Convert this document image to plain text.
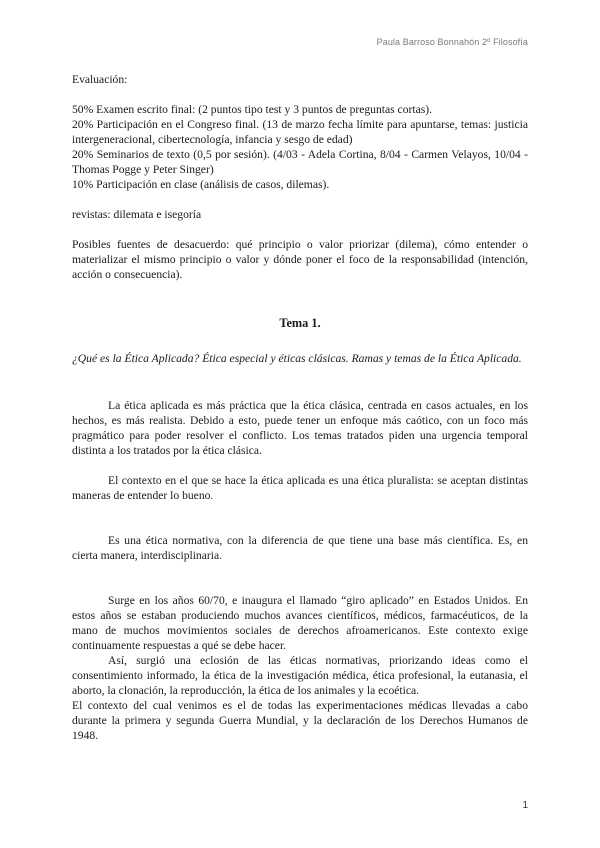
Paula Barroso Bonnahón 2º Filosofía

Evaluación:

50% Examen escrito final: (2 puntos tipo test y 3 puntos de preguntas cortas).

20% Participación en el Congreso final. (13 de marzo fecha límite para apuntarse, temas: justicia intergeneracional, cibertecnología, infancia y sesgo de edad)

20% Seminarios de texto (0,5 por sesión). (4/03 - Adela Cortina, 8/04 - Carmen Velayos, 10/04 - Thomas Pogge y Peter Singer)

10% Participación en clase (análisis de casos, dilemas).

revistas: dilemata e isegoría

Posibles fuentes de desacuerdo: qué principio o valor priorizar (dilema), cómo entender o materializar el mismo principio o valor y dónde poner el foco de la responsabilidad (intención, acción o consecuencia).

Tema 1.

¿Qué es la Ética Aplicada? Ética especial y éticas clásicas. Ramas y temas de la Ética Aplicada.

La ética aplicada es más práctica que la ética clásica, centrada en casos actuales, en los hechos, es más realista. Debido a esto, puede tener un enfoque más caótico, con un foco más pragmático para poder resolver el conflicto. Los temas tratados piden una urgencia temporal distinta a los tratados por la ética clásica.

El contexto en el que se hace la ética aplicada es una ética pluralista: se aceptan distintas maneras de entender lo bueno.

Es una ética normativa, con la diferencia de que tiene una base más científica. Es, en cierta manera, interdisciplinaria.

Surge en los años 60/70, e inaugura el llamado “giro aplicado” en Estados Unidos. En estos años se estaban produciendo muchos avances científicos, médicos, farmacéuticos, de la mano de muchos movimientos sociales de derechos afroamericanos. Este contexto exige continuamente respuestas a qué se debe hacer.

Así, surgió una eclosión de las éticas normativas, priorizando ideas como el consentimiento informado, la ética de la investigación médica, ética profesional, la eutanasia, el aborto, la clonación, la reproducción, la ética de los animales y la ecoética.

El contexto del cual venimos es el de todas las experimentaciones médicas llevadas a cabo durante la primera y segunda Guerra Mundial, y la declaración de los Derechos Humanos de 1948.

1
